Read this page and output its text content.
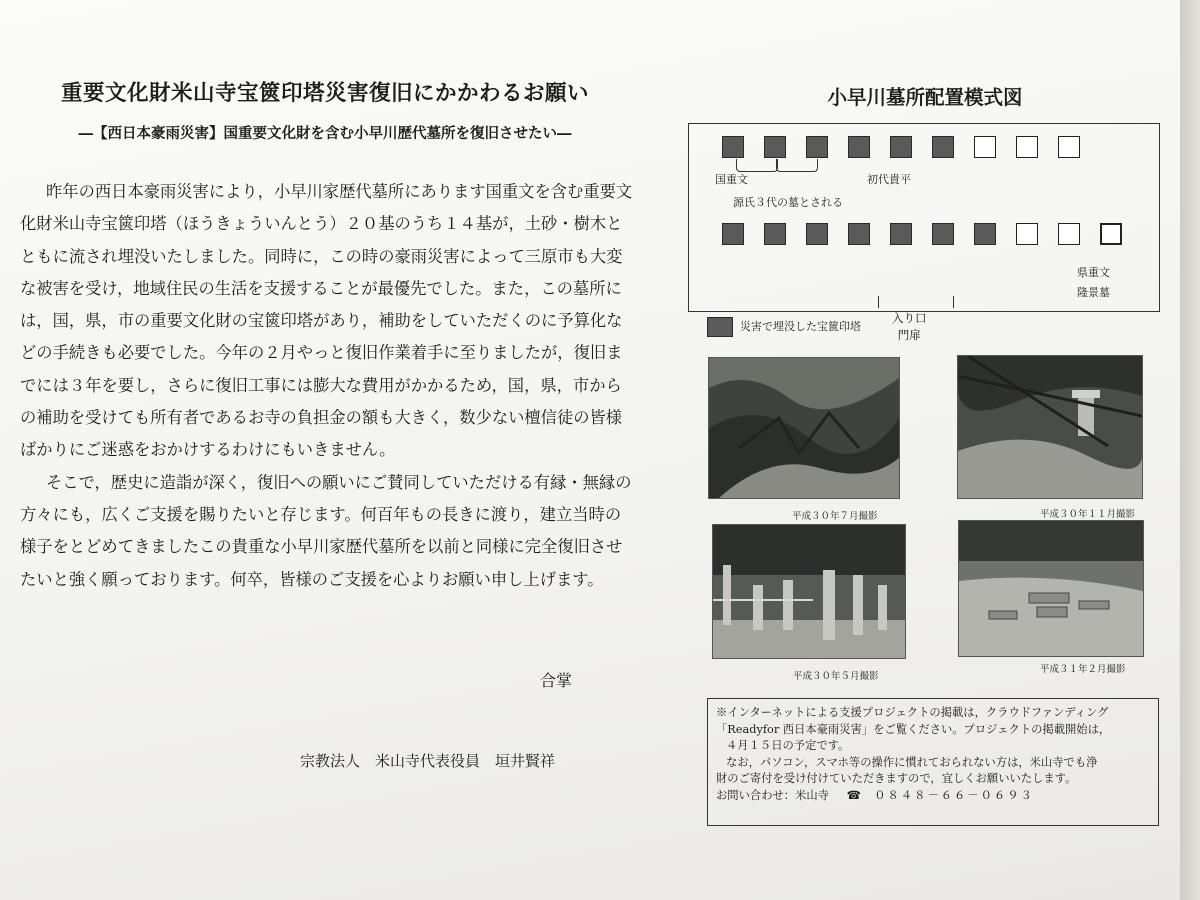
重要文化財米山寺宝篋印塔災害復旧にかかわるお願い
―【西日本豪雨災害】国重要文化財を含む小早川歴代墓所を復旧させたい―
昨年の西日本豪雨災害により，小早川家歴代墓所にあります国重文を含む重要文
化財米山寺宝篋印塔（ほうきょういんとう）２０基のうち１４基が，土砂・樹木と
ともに流され埋没いたしました。同時に，この時の豪雨災害によって三原市も大変
な被害を受け，地域住民の生活を支援することが最優先でした。また，この墓所に
は，国，県，市の重要文化財の宝篋印塔があり，補助をしていただくのに予算化な
どの手続きも必要でした。今年の２月やっと復旧作業着手に至りましたが，復旧ま
でには３年を要し，さらに復旧工事には膨大な費用がかかるため，国，県，市から
の補助を受けても所有者であるお寺の負担金の額も大きく，数少ない檀信徒の皆様
ばかりにご迷惑をおかけするわけにもいきません。
そこで，歴史に造詣が深く，復旧への願いにご賛同していただける有縁・無縁の
方々にも，広くご支援を賜りたいと存じます。何百年もの長きに渡り，建立当時の
様子をとどめてきましたこの貴重な小早川家歴代墓所を以前と同様に完全復旧させ
たいと強く願っております。何卒，皆様のご支援を心よりお願い申し上げます。
合掌
宗教法人　米山寺代表役員　垣井賢祥
小早川墓所配置模式図
国重文	初代貴平
源氏３代の墓とされる
県重文
隆景墓
災害で埋没した宝篋印塔
入り口
門扉
平成３０年７月撮影	平成３０年１１月撮影
平成３０年５月撮影
平成３１年２月撮影
※インターネットによる支援プロジェクトの掲載は，クラウドファンディング
「Readyfor 西日本豪雨災害」をご覧ください。プロジェクトの掲載開始は，
４月１５日の予定です。
なお，パソコン，スマホ等の操作に慣れておられない方は，米山寺でも浄
財のご寄付を受け付けていただきますので，宜しくお願いいたします。
お問い合わせ：米山寺 ☎ ０８４８－６６－０６９３
